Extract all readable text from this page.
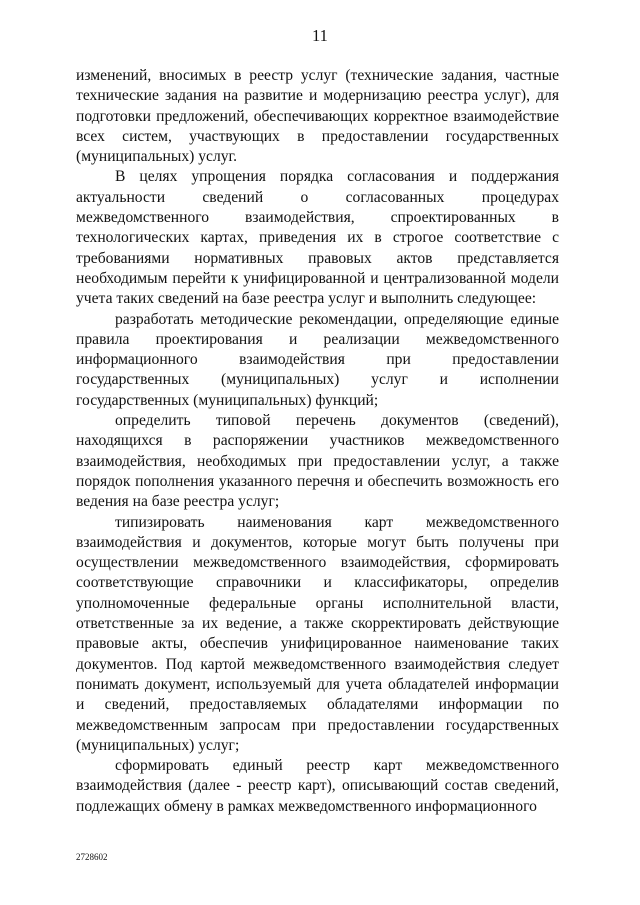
11

изменений, вносимых в реестр услуг (технические задания, частные технические задания на развитие и модернизацию реестра услуг), для подготовки предложений, обеспечивающих корректное взаимодействие всех систем, участвующих в предоставлении государственных (муниципальных) услуг.

В целях упрощения порядка согласования и поддержания актуальности сведений о согласованных процедурах межведомственного взаимодействия, спроектированных в технологических картах, приведения их в строгое соответствие с требованиями нормативных правовых актов представляется необходимым перейти к унифицированной и централизованной модели учета таких сведений на базе реестра услуг и выполнить следующее:

разработать методические рекомендации, определяющие единые правила проектирования и реализации межведомственного информационного взаимодействия при предоставлении государственных (муниципальных) услуг и исполнении государственных (муниципальных) функций;

определить типовой перечень документов (сведений), находящихся в распоряжении участников межведомственного взаимодействия, необходимых при предоставлении услуг, а также порядок пополнения указанного перечня и обеспечить возможность его ведения на базе реестра услуг;

типизировать наименования карт межведомственного взаимодействия и документов, которые могут быть получены при осуществлении межведомственного взаимодействия, сформировать соответствующие справочники и классификаторы, определив уполномоченные федеральные органы исполнительной власти, ответственные за их ведение, а также скорректировать действующие правовые акты, обеспечив унифицированное наименование таких документов. Под картой межведомственного взаимодействия следует понимать документ, используемый для учета обладателей информации и сведений, предоставляемых обладателями информации по межведомственным запросам при предоставлении государственных (муниципальных) услуг;

сформировать единый реестр карт межведомственного взаимодействия (далее - реестр карт), описывающий состав сведений, подлежащих обмену в рамках межведомственного информационного

2728602
